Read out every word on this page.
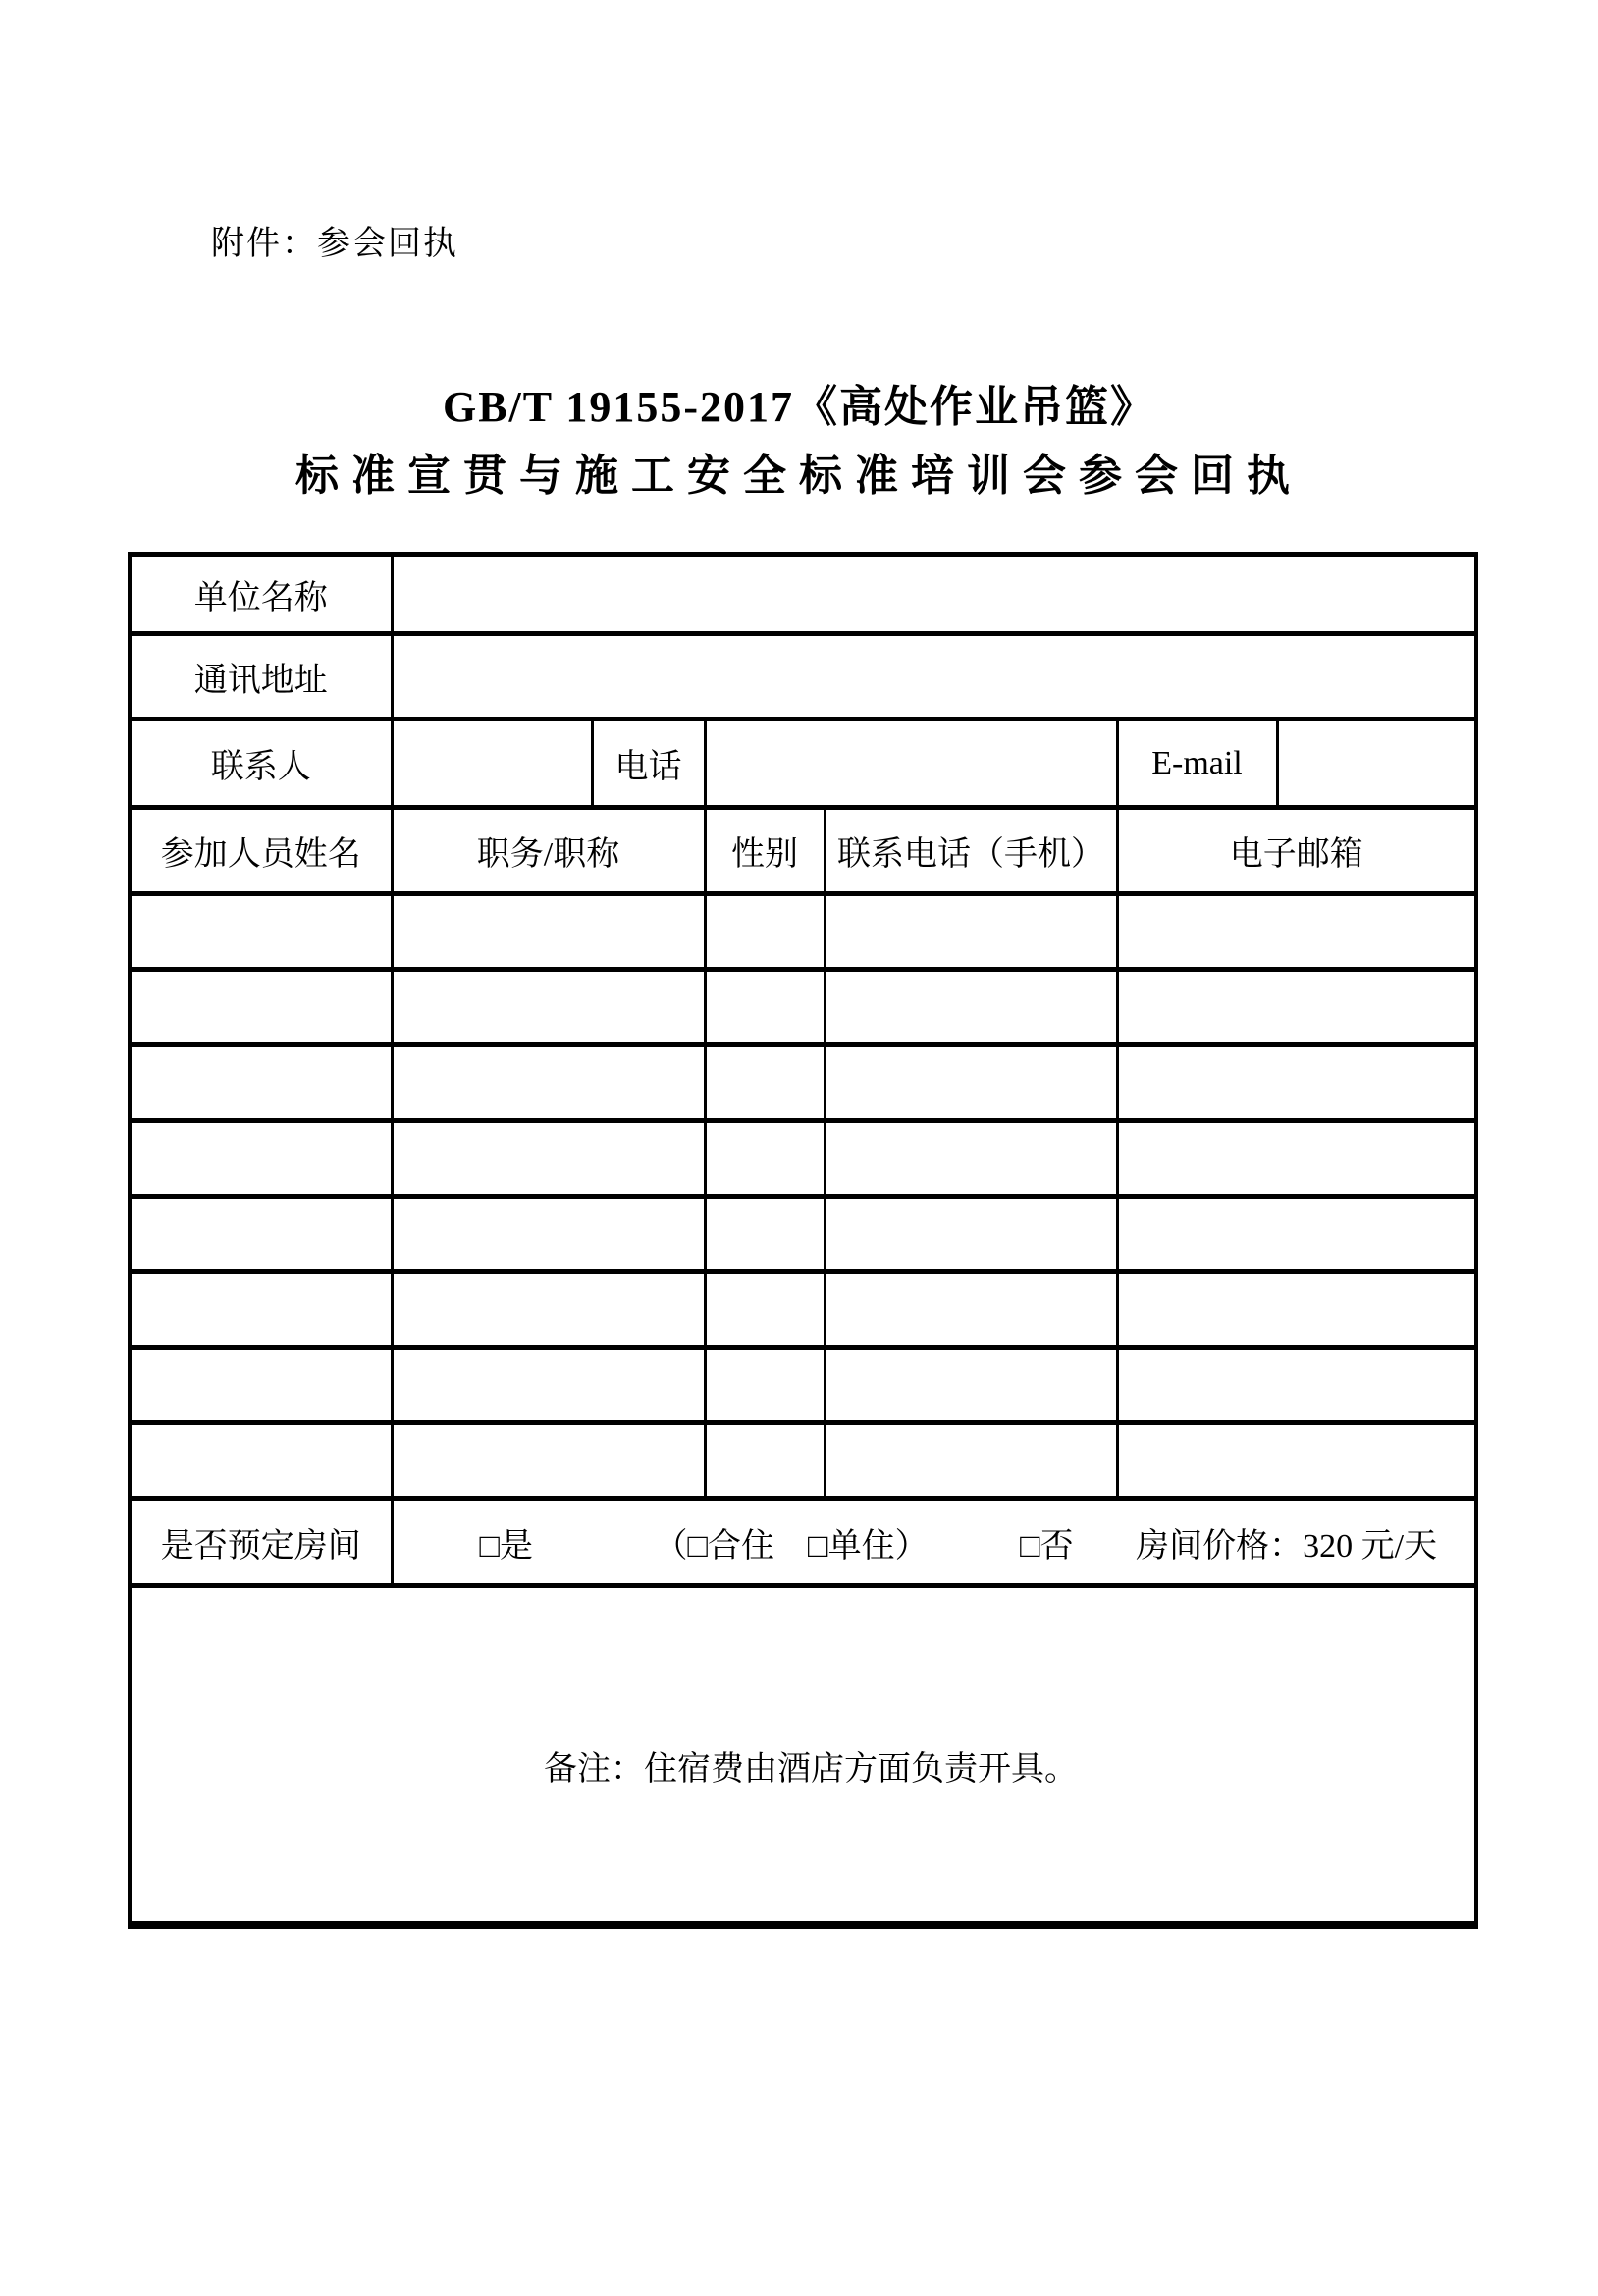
附件：参会回执
GB/T 19155-2017《高处作业吊篮》
标准宣贯与施工安全标准培训会参会回执
单位名称						
通讯地址						
联系人		电话			E-mail	
参加人员姓名	职务/职称		性别	联系电话（手机）	电子邮箱	

是否预定房间	□是 （□合住　□单住） □否 房间价格：320 元/天					
备注：住宿费由酒店方面负责开具。						
